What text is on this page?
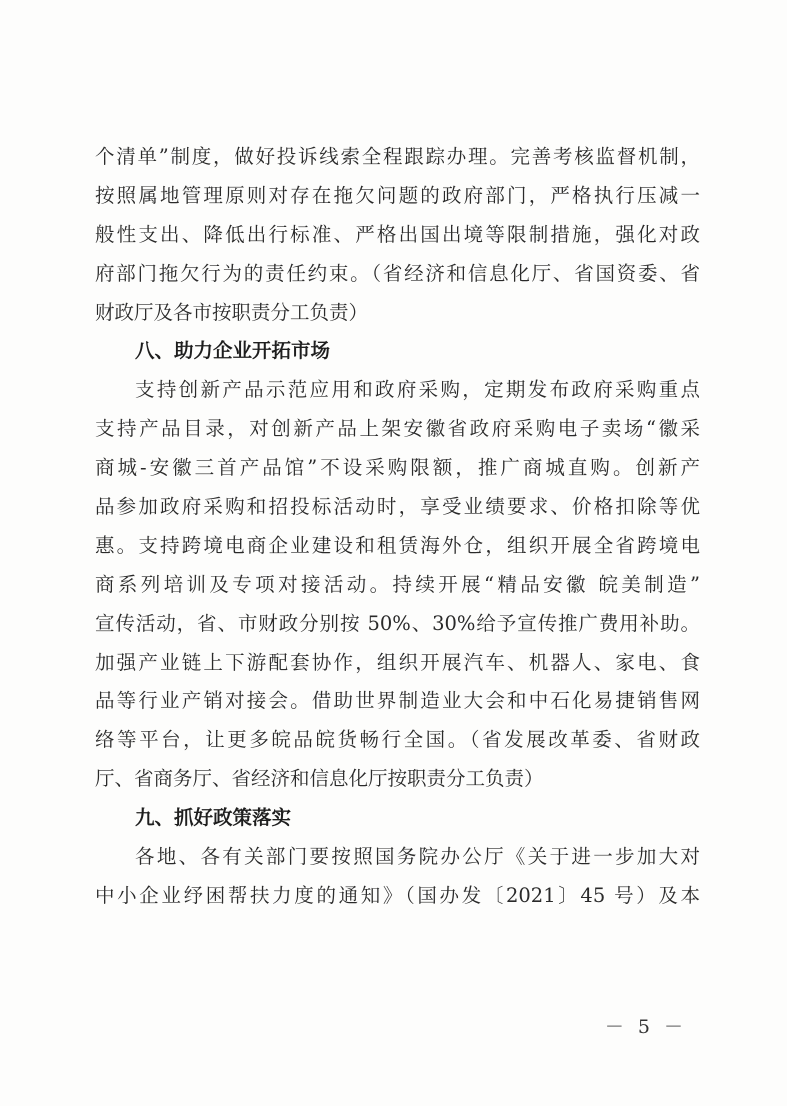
个清单”制度，做好投诉线索全程跟踪办理。完善考核监督机制，
按照属地管理原则对存在拖欠问题的政府部门，严格执行压减一
般性支出、降低出行标准、严格出国出境等限制措施，强化对政
府部门拖欠行为的责任约束。（省经济和信息化厅、省国资委、省
财政厅及各市按职责分工负责）
八、助力企业开拓市场
支持创新产品示范应用和政府采购，定期发布政府采购重点
支持产品目录，对创新产品上架安徽省政府采购电子卖场“徽采
商城-安徽三首产品馆”不设采购限额，推广商城直购。创新产
品参加政府采购和招投标活动时，享受业绩要求、价格扣除等优
惠。支持跨境电商企业建设和租赁海外仓，组织开展全省跨境电
商系列培训及专项对接活动。持续开展“精品安徽 皖美制造”
宣传活动，省、市财政分别按 50%、30%给予宣传推广费用补助。
加强产业链上下游配套协作，组织开展汽车、机器人、家电、食
品等行业产销对接会。借助世界制造业大会和中石化易捷销售网
络等平台，让更多皖品皖货畅行全国。（省发展改革委、省财政
厅、省商务厅、省经济和信息化厅按职责分工负责）
九、抓好政策落实
各地、各有关部门要按照国务院办公厅《关于进一步加大对
中小企业纾困帮扶力度的通知》（国办发〔2021〕45 号）及本
－ 5 －
